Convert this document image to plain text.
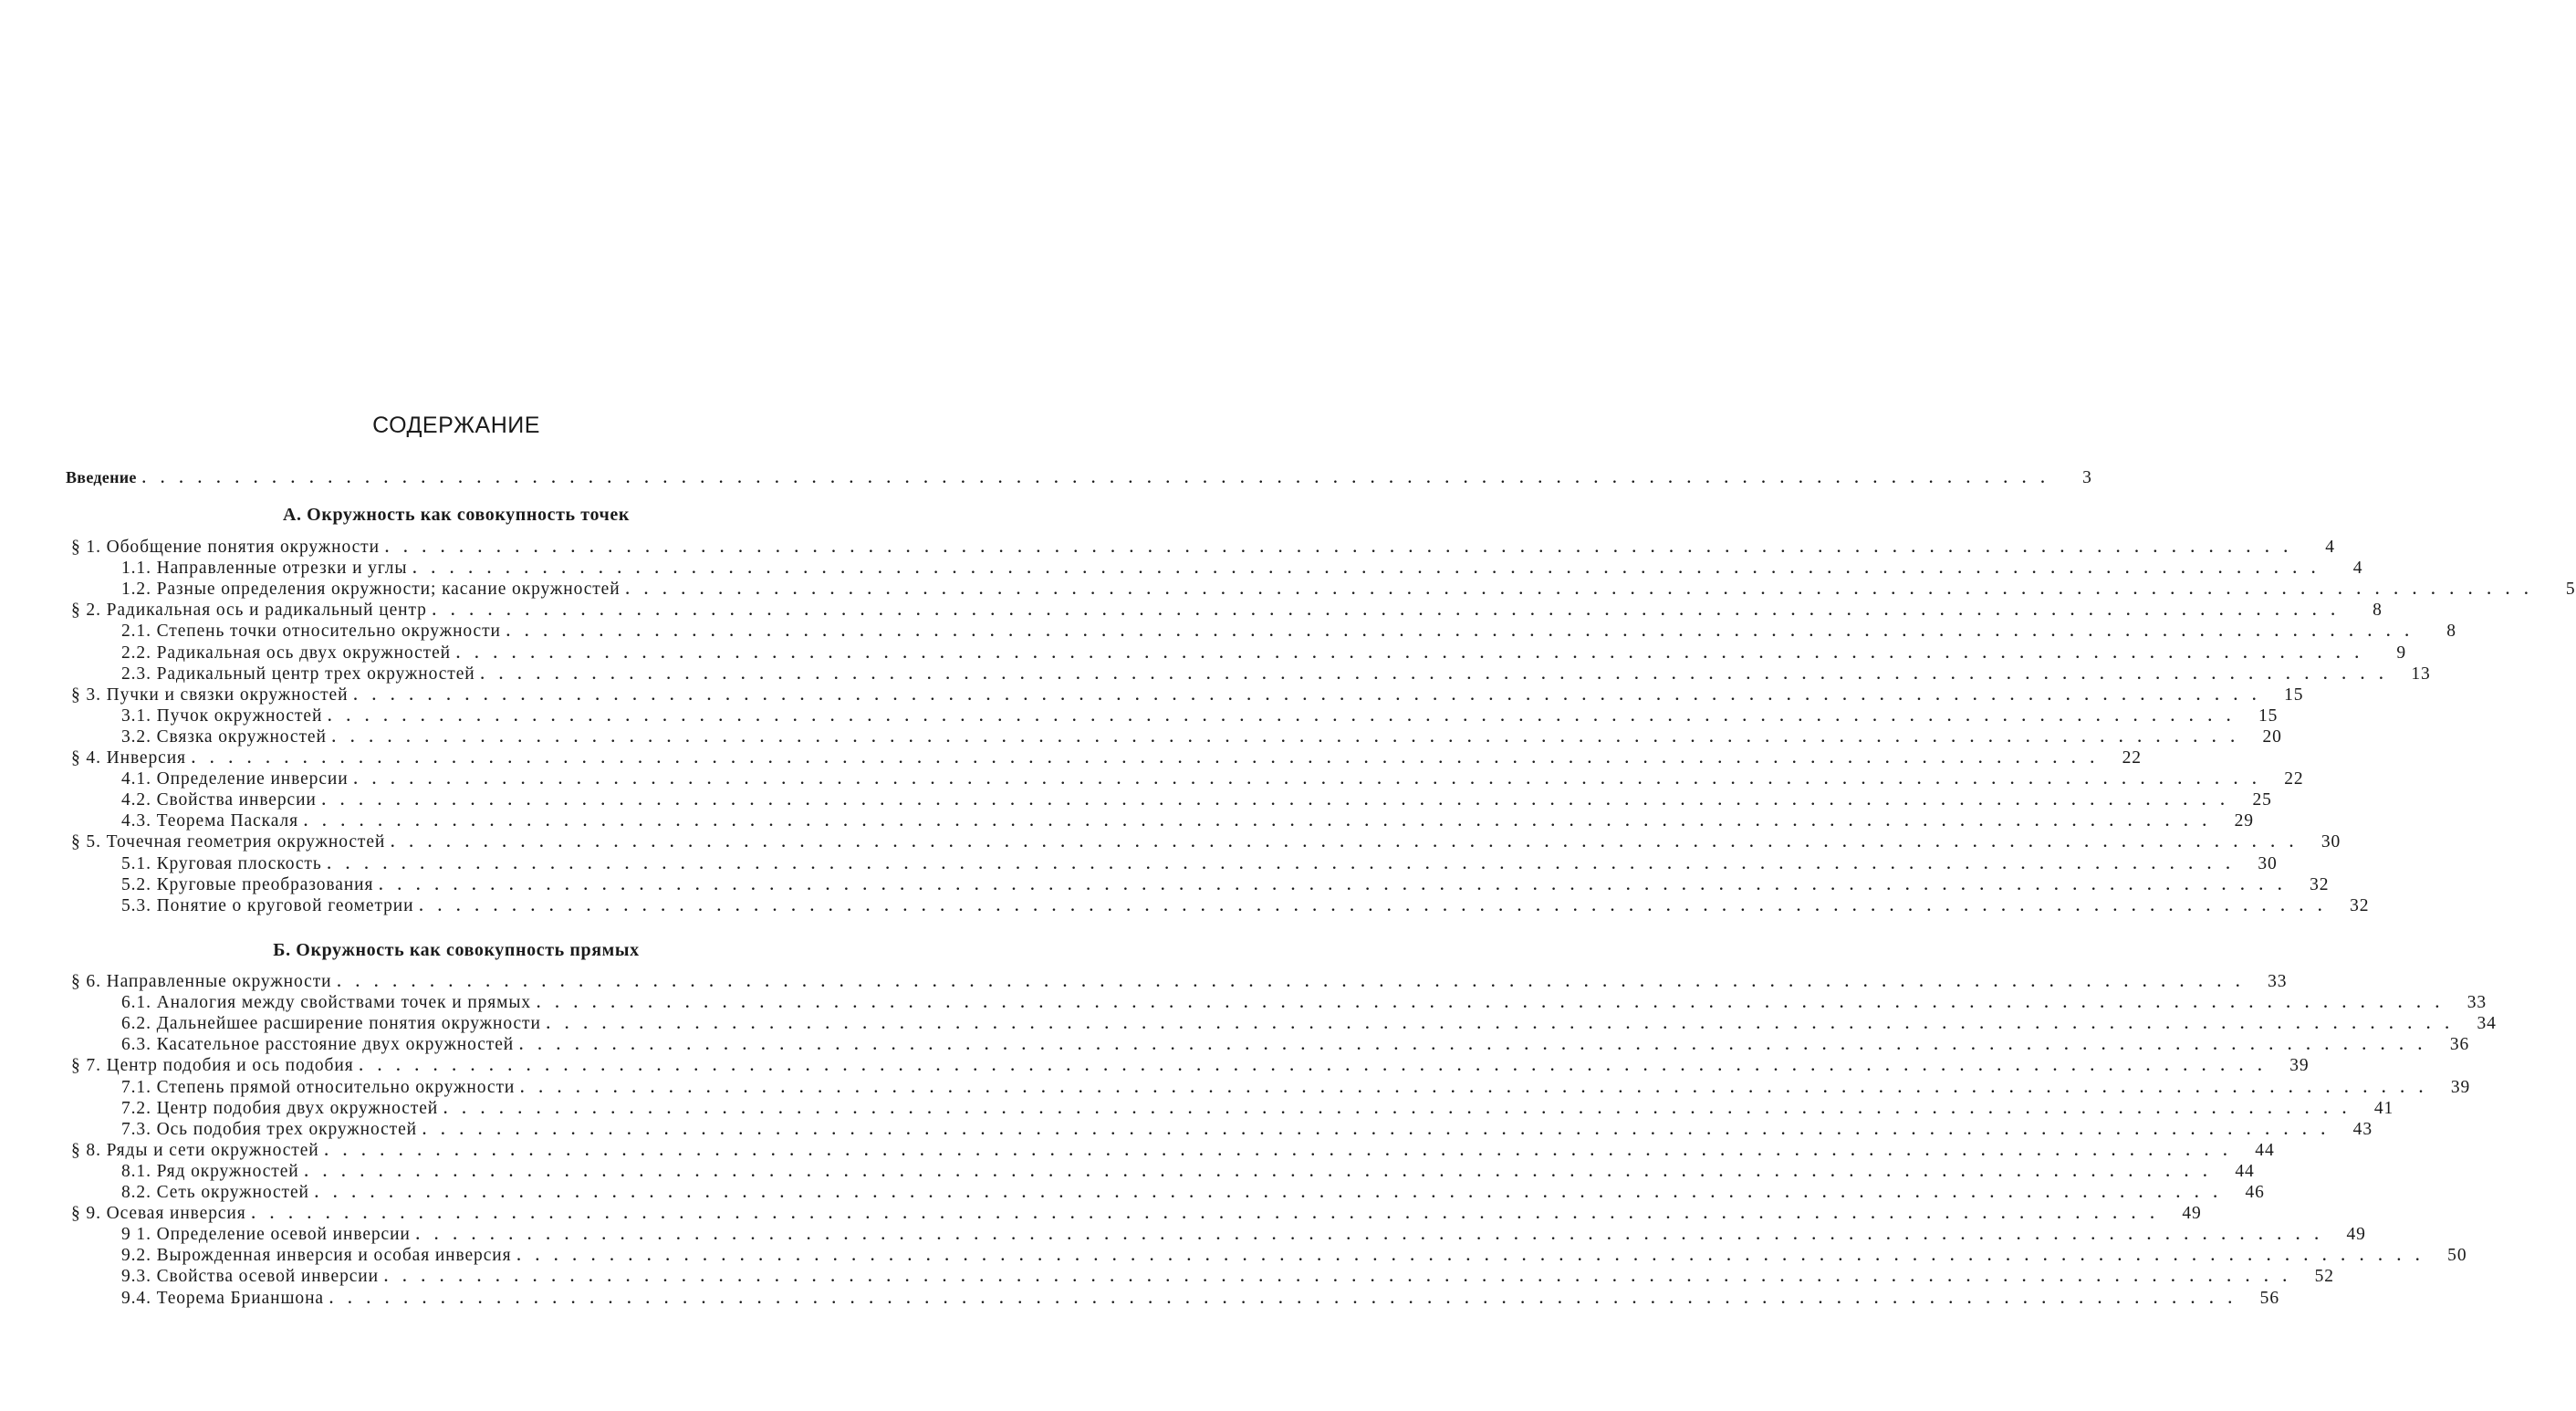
СОДЕРЖАНИЕ
Введение . . .	3
А. Окружность как совокупность точек
§ 1. Обобщение понятия окружности . . .	4
1.1. Направленные отрезки и углы . . .	4
1.2. Разные определения окружности; касание окружностей . . .	5
§ 2. Радикальная ось и радикальный центр . . .	8
2.1. Степень точки относительно окружности . . .	8
2.2. Радикальная ось двух окружностей . . .	9
2.3. Радикальный центр трех окружностей . . .	13
§ 3. Пучки и связки окружностей . . .	15
3.1. Пучок окружностей . . .	15
3.2. Связка окружностей . . .	20
§ 4. Инверсия . . .	22
4.1. Определение инверсии . . .	22
4.2. Свойства инверсии . . .	25
4.3. Теорема Паскаля . . .	29
§ 5. Точечная геометрия окружностей . . .	30
5.1. Круговая плоскость . . .	30
5.2. Круговые преобразования . . .	32
5.3. Понятие о круговой геометрии . . .	32
Б. Окружность как совокупность прямых
§ 6. Направленные окружности . . .	33
6.1. Аналогия между свойствами точек и прямых . . .	33
6.2. Дальнейшее расширение понятия окружности . . .	34
6.3. Касательное расстояние двух окружностей . . .	36
§ 7. Центр подобия и ось подобия . . .	39
7.1. Степень прямой относительно окружности . . .	39
7.2. Центр подобия двух окружностей . . .	41
7.3. Ось подобия трех окружностей . . .	43
§ 8. Ряды и сети окружностей . . .	44
8.1. Ряд окружностей . . .	44
8.2. Сеть окружностей . . .	46
§ 9. Осевая инверсия . . .	49
9 1. Определение осевой инверсии . . .	49
9.2. Вырожденная инверсия и особая инверсия . . .	50
9.3. Свойства осевой инверсии . . .	52
9.4. Теорема Брианшона . . .	56
